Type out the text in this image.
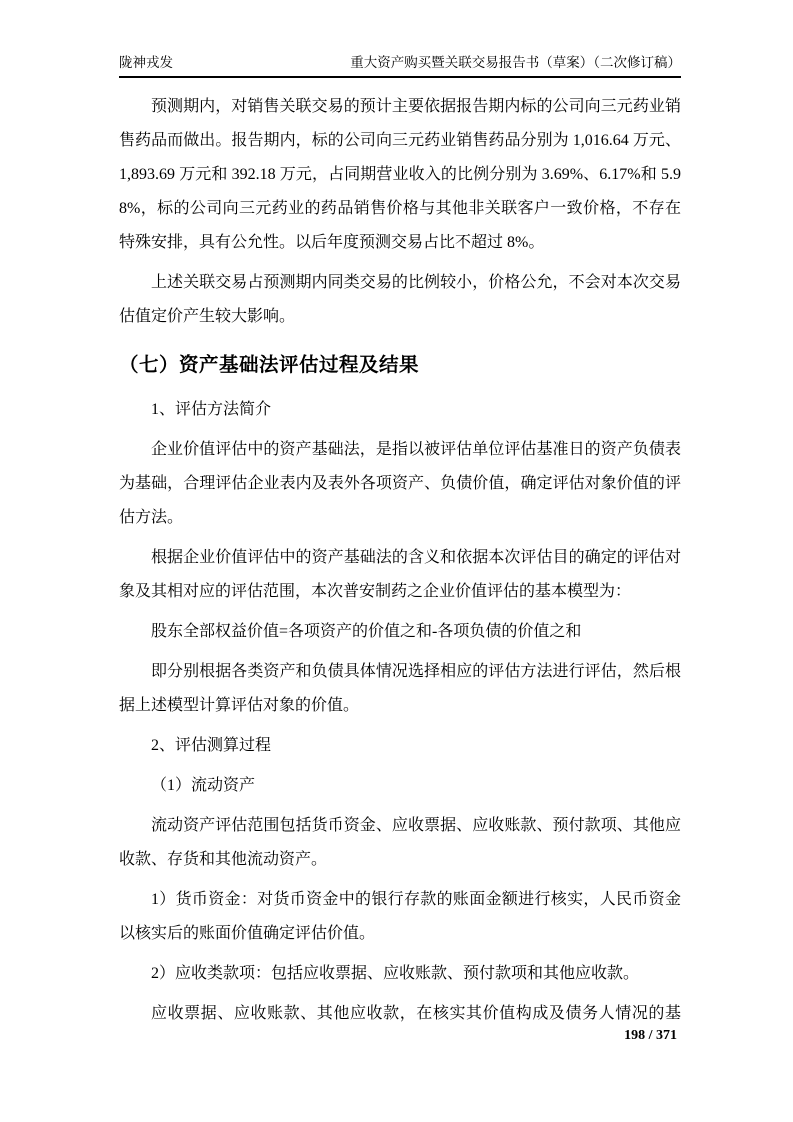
陇神戎发	重大资产购买暨关联交易报告书（草案）（二次修订稿）

预测期内，对销售关联交易的预计主要依据报告期内标的公司向三元药业销售药品而做出。报告期内，标的公司向三元药业销售药品分别为 1,016.64 万元、1,893.69 万元和 392.18 万元，占同期营业收入的比例分别为 3.69%、6.17%和 5.98%，标的公司向三元药业的药品销售价格与其他非关联客户一致价格，不存在特殊安排，具有公允性。以后年度预测交易占比不超过 8%。

上述关联交易占预测期内同类交易的比例较小，价格公允，不会对本次交易估值定价产生较大影响。

（七）资产基础法评估过程及结果

1、评估方法简介

企业价值评估中的资产基础法，是指以被评估单位评估基准日的资产负债表为基础，合理评估企业表内及表外各项资产、负债价值，确定评估对象价值的评估方法。

根据企业价值评估中的资产基础法的含义和依据本次评估目的确定的评估对象及其相对应的评估范围，本次普安制药之企业价值评估的基本模型为：

股东全部权益价值=各项资产的价值之和-各项负债的价值之和

即分别根据各类资产和负债具体情况选择相应的评估方法进行评估，然后根据上述模型计算评估对象的价值。

2、评估测算过程

（1）流动资产

流动资产评估范围包括货币资金、应收票据、应收账款、预付款项、其他应收款、存货和其他流动资产。

1）货币资金：对货币资金中的银行存款的账面金额进行核实，人民币资金以核实后的账面价值确定评估价值。

2）应收类款项：包括应收票据、应收账款、预付款项和其他应收款。

应收票据、应收账款、其他应收款，在核实其价值构成及债务人情况的基

198 / 371
